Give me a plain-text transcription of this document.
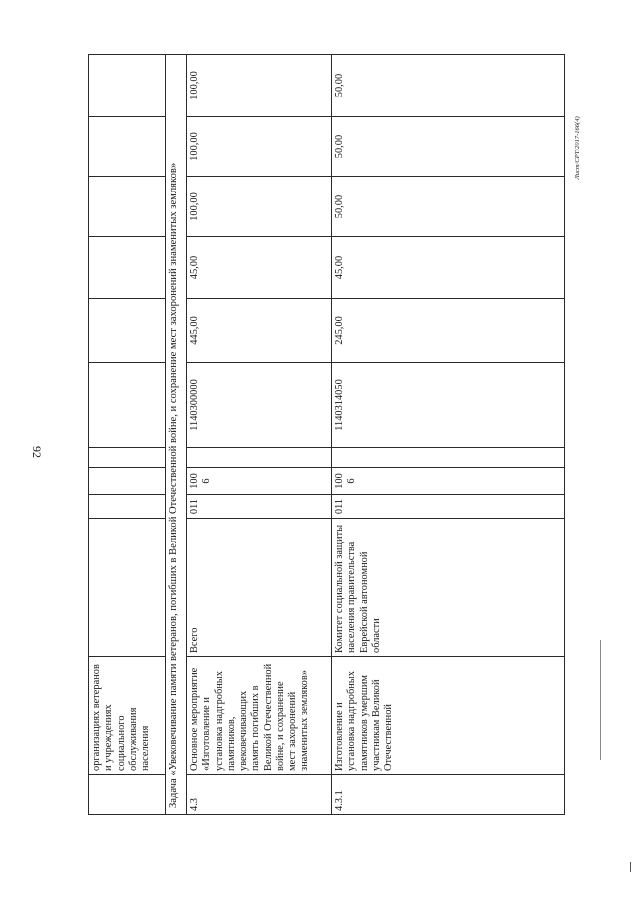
92
Лист/СРТ/2017-166(4)
	организациях ветеранов и учреждениях социального обслуживания населения										
Задача «Увековечивание памяти ветеранов, погибших в Великой Отечественной войне, и сохранение мест захоронений знаменитых земляков»											
4.3	Основное мероприятие «Изготовление и установка надгробных памятников, увековечивающих память погибших в Великой Отечественной войне, и сохранение мест захоронений знаменитых земляков»	Всего	011	1006		1140300000	445,00	45,00	100,00	100,00	100,00
4.3.1	Изготовление и установка надгробных памятников умершим участникам Великой Отечественной	Комитет социальной защиты населения правительства Еврейской автономной области	011	1006		1140314050	245,00	45,00	50,00	50,00	50,00
